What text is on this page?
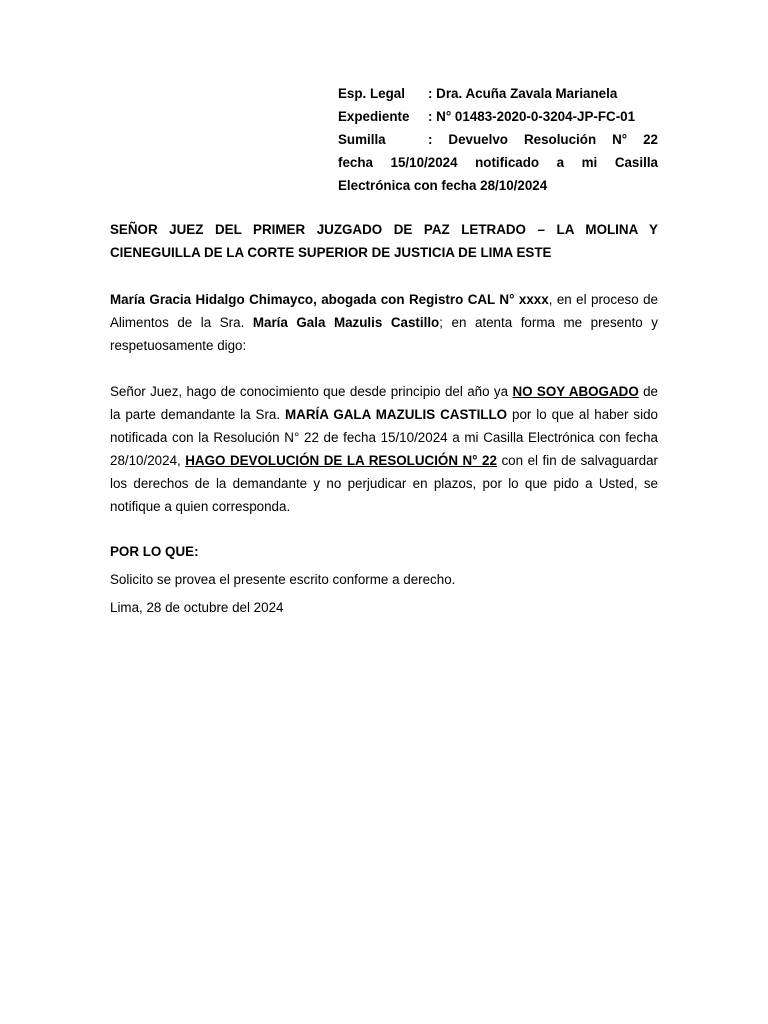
Esp. Legal	: Dra. Acuña Zavala Marianela
Expediente	: N° 01483-2020-0-3204-JP-FC-01
Sumilla	: Devuelvo Resolución N° 22
fecha 15/10/2024 notificado a mi Casilla Electrónica con fecha 28/10/2024
SEÑOR JUEZ DEL PRIMER JUZGADO DE PAZ LETRADO – LA MOLINA Y CIENEGUILLA DE LA CORTE SUPERIOR DE JUSTICIA DE LIMA ESTE
María Gracia Hidalgo Chimayco, abogada con Registro CAL N° xxxx, en el proceso de Alimentos de la Sra. María Gala Mazulis Castillo; en atenta forma me presento y respetuosamente digo:
Señor Juez, hago de conocimiento que desde principio del año ya NO SOY ABOGADO de la parte demandante la Sra. MARÍA GALA MAZULIS CASTILLO por lo que al haber sido notificada con la Resolución N° 22 de fecha 15/10/2024 a mi Casilla Electrónica con fecha 28/10/2024, HAGO DEVOLUCIÓN DE LA RESOLUCIÓN N° 22 con el fin de salvaguardar los derechos de la demandante y no perjudicar en plazos, por lo que pido a Usted, se notifique a quien corresponda.
POR LO QUE:
Solicito se provea el presente escrito conforme a derecho.
Lima, 28 de octubre del 2024
